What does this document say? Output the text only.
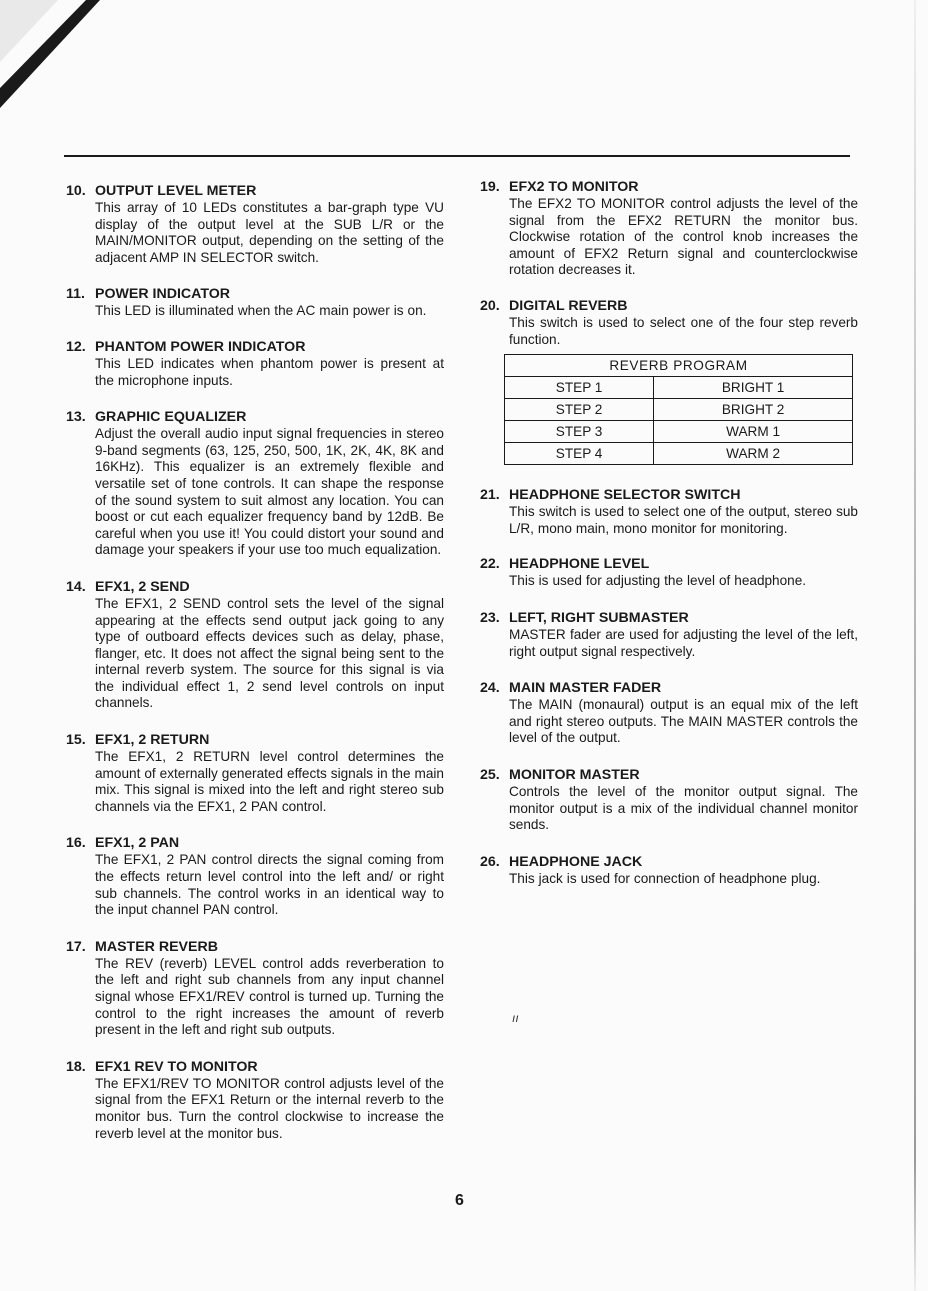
10. OUTPUT LEVEL METER
This array of 10 LEDs constitutes a bar-graph type VU display of the output level at the SUB L/R or the MAIN/MONITOR output, depending on the setting of the adjacent AMP IN SELECTOR switch.
11. POWER INDICATOR
This LED is illuminated when the AC main power is on.
12. PHANTOM POWER INDICATOR
This LED indicates when phantom power is present at the microphone inputs.
13. GRAPHIC EQUALIZER
Adjust the overall audio input signal frequencies in stereo 9-band segments (63, 125, 250, 500, 1K, 2K, 4K, 8K and 16KHz). This equalizer is an extremely flexible and versatile set of tone controls. It can shape the response of the sound system to suit almost any location. You can boost or cut each equalizer frequency band by 12dB. Be careful when you use it! You could distort your sound and damage your speakers if your use too much equalization.
14. EFX1, 2 SEND
The EFX1, 2 SEND control sets the level of the signal appearing at the effects send output jack going to any type of outboard effects devices such as delay, phase, flanger, etc. It does not affect the signal being sent to the internal reverb system. The source for this signal is via the individual effect 1, 2 send level controls on input channels.
15. EFX1, 2 RETURN
The EFX1, 2 RETURN level control determines the amount of externally generated effects signals in the main mix. This signal is mixed into the left and right stereo sub channels via the EFX1, 2 PAN control.
16. EFX1, 2 PAN
The EFX1, 2 PAN control directs the signal coming from the effects return level control into the left and/ or right sub channels. The control works in an identical way to the input channel PAN control.
17. MASTER REVERB
The REV (reverb) LEVEL control adds reverberation to the left and right sub channels from any input channel signal whose EFX1/REV control is turned up. Turning the control to the right increases the amount of reverb present in the left and right sub outputs.
18. EFX1 REV TO MONITOR
The EFX1/REV TO MONITOR control adjusts level of the signal from the EFX1 Return or the internal reverb to the monitor bus. Turn the control clockwise to increase the reverb level at the monitor bus.
19. EFX2 TO MONITOR
The EFX2 TO MONITOR control adjusts the level of the signal from the EFX2 RETURN the monitor bus. Clockwise rotation of the control knob increases the amount of EFX2 Return signal and counterclockwise rotation decreases it.
20. DIGITAL REVERB
This switch is used to select one of the four step reverb function.
REVERB PROGRAM	
STEP 1	BRIGHT 1
STEP 2	BRIGHT 2
STEP 3	WARM 1
STEP 4	WARM 2
21. HEADPHONE SELECTOR SWITCH
This switch is used to select one of the output, stereo sub L/R, mono main, mono monitor for monitoring.
22. HEADPHONE LEVEL
This is used for adjusting the level of headphone.
23. LEFT, RIGHT SUBMASTER
MASTER fader are used for adjusting the level of the left, right output signal respectively.
24. MAIN MASTER FADER
The MAIN (monaural) output is an equal mix of the left and right stereo outputs. The MAIN MASTER controls the level of the output.
25. MONITOR MASTER
Controls the level of the monitor output signal. The monitor output is a mix of the individual channel monitor sends.
26. HEADPHONE JACK
This jack is used for connection of headphone plug.
ıı
6
